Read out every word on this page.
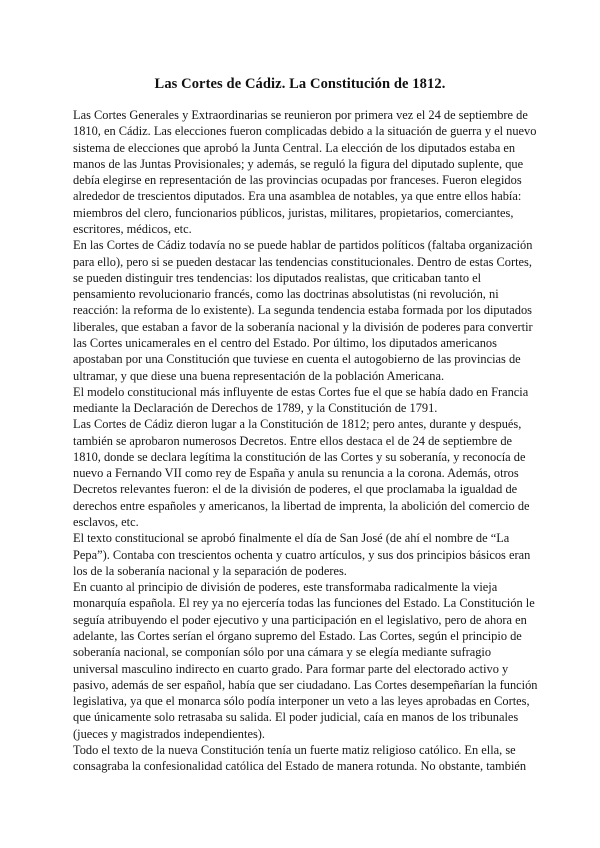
Las Cortes de Cádiz. La Constitución de 1812.
Las Cortes Generales y Extraordinarias se reunieron por primera vez el 24 de septiembre de
1810, en Cádiz. Las elecciones fueron complicadas debido a la situación de guerra y el nuevo
sistema de elecciones que aprobó la Junta Central. La elección de los diputados estaba en
manos de las Juntas Provisionales; y además, se reguló la figura del diputado suplente, que
debía elegirse en representación de las provincias ocupadas por franceses. Fueron elegidos
alrededor de trescientos diputados. Era una asamblea de notables, ya que entre ellos había:
miembros del clero, funcionarios públicos, juristas, militares, propietarios, comerciantes,
escritores, médicos, etc.
En las Cortes de Cádiz todavía no se puede hablar de partidos políticos (faltaba organización
para ello), pero si se pueden destacar las tendencias constitucionales. Dentro de estas Cortes,
se pueden distinguir tres tendencias: los diputados realistas, que criticaban tanto el
pensamiento revolucionario francés, como las doctrinas absolutistas (ni revolución, ni
reacción: la reforma de lo existente). La segunda tendencia estaba formada por los diputados
liberales, que estaban a favor de la soberanía nacional y la división de poderes para convertir
las Cortes unicamerales en el centro del Estado. Por último, los diputados americanos
apostaban por una Constitución que tuviese en cuenta el autogobierno de las provincias de
ultramar, y que diese una buena representación de la población Americana.
El modelo constitucional más influyente de estas Cortes fue el que se había dado en Francia
mediante la Declaración de Derechos de 1789, y la Constitución de 1791.
Las Cortes de Cádiz dieron lugar a la Constitución de 1812; pero antes, durante y después,
también se aprobaron numerosos Decretos. Entre ellos destaca el de 24 de septiembre de
1810, donde se declara legítima la constitución de las Cortes y su soberanía, y reconocía de
nuevo a Fernando VII como rey de España y anula su renuncia a la corona. Además, otros
Decretos relevantes fueron: el de la división de poderes, el que proclamaba la igualdad de
derechos entre españoles y americanos, la libertad de imprenta, la abolición del comercio de
esclavos, etc.
El texto constitucional se aprobó finalmente el día de San José (de ahí el nombre de “La
Pepa”). Contaba con trescientos ochenta y cuatro artículos, y sus dos principios básicos eran
los de la soberanía nacional y la separación de poderes.
En cuanto al principio de división de poderes, este transformaba radicalmente la vieja
monarquía española. El rey ya no ejercería todas las funciones del Estado. La Constitución le
seguía atribuyendo el poder ejecutivo y una participación en el legislativo, pero de ahora en
adelante, las Cortes serían el órgano supremo del Estado. Las Cortes, según el principio de
soberanía nacional, se componían sólo por una cámara y se elegía mediante sufragio
universal masculino indirecto en cuarto grado. Para formar parte del electorado activo y
pasivo, además de ser español, había que ser ciudadano. Las Cortes desempeñarían la función
legislativa, ya que el monarca sólo podía interponer un veto a las leyes aprobadas en Cortes,
que únicamente solo retrasaba su salida. El poder judicial, caía en manos de los tribunales
(jueces y magistrados independientes).
Todo el texto de la nueva Constitución tenía un fuerte matiz religioso católico. En ella, se
consagraba la confesionalidad católica del Estado de manera rotunda. No obstante, también
